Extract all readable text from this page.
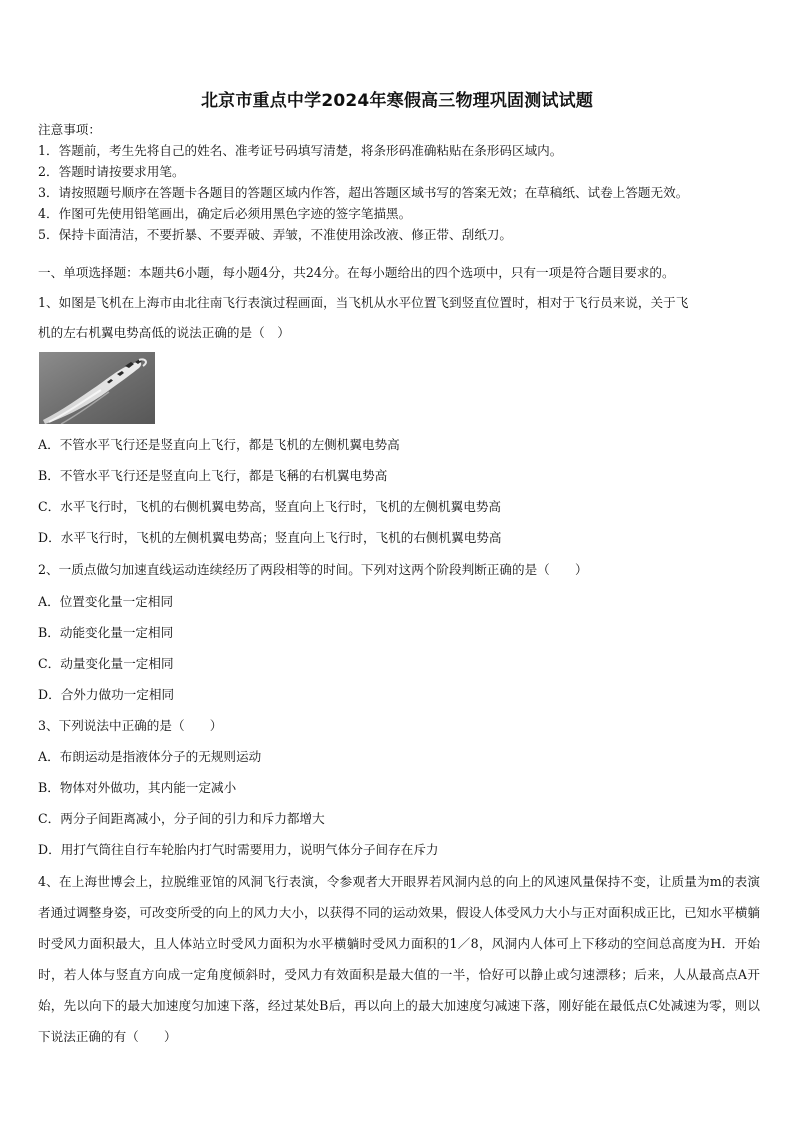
北京市重点中学2024年寒假高三物理巩固测试试题
注意事项：
1．答题前，考生先将自己的姓名、准考证号码填写清楚，将条形码准确粘贴在条形码区域内。
2．答题时请按要求用笔。
3．请按照题号顺序在答题卡各题目的答题区域内作答，超出答题区域书写的答案无效；在草稿纸、试卷上答题无效。
4．作图可先使用铅笔画出，确定后必须用黑色字迹的签字笔描黑。
5．保持卡面清洁，不要折暴、不要弄破、弄皱，不准使用涂改液、修正带、刮纸刀。
一、单项选择题：本题共6小题，每小题4分，共24分。在每小题给出的四个选项中，只有一项是符合题目要求的。
1、如图是飞机在上海市由北往南飞行表演过程画面，当飞机从水平位置飞到竖直位置时，相对于飞行员来说，关于飞
机的左右机翼电势高低的说法正确的是（　）
A．不管水平飞行还是竖直向上飞行，都是飞机的左侧机翼电势高
B．不管水平飞行还是竖直向上飞行，都是飞稱的右机翼电势高
C．水平飞行时，飞机的右侧机翼电势高，竖直向上飞行时，飞机的左侧机翼电势高
D．水平飞行时，飞机的左侧机翼电势高；竖直向上飞行时，飞机的右侧机翼电势高
2、一质点做匀加速直线运动连续经历了两段相等的时间。下列对这两个阶段判断正确的是（　　）
A．位置变化量一定相同
B．动能变化量一定相同
C．动量变化量一定相同
D．合外力做功一定相同
3、下列说法中正确的是（　　）
A．布朗运动是指液体分子的无规则运动
B．物体对外做功，其内能一定减小
C．两分子间距离减小，分子间的引力和斥力都增大
D．用打气筒往自行车轮胎内打气时需要用力，说明气体分子间存在斥力
4、在上海世博会上，拉脱维亚馆的风洞飞行表演，令参观者大开眼界若风洞内总的向上的风速风量保持不变，让质量为m的表演者通过调整身姿，可改变所受的向上的风力大小，以获得不同的运动效果，假设人体受风力大小与正对面积成正比，已知水平横躺时受风力面积最大，且人体站立时受风力面积为水平横躺时受风力面积的1／8，风洞内人体可上下移动的空间总高度为H．开始时，若人体与竖直方向成一定角度倾斜时，受风力有效面积是最大值的一半，恰好可以静止或匀速漂移；后来，人从最高点A开始，先以向下的最大加速度匀加速下落，经过某处B后，再以向上的最大加速度匀减速下落，刚好能在最低点C处减速为零，则以下说法正确的有（　　）
